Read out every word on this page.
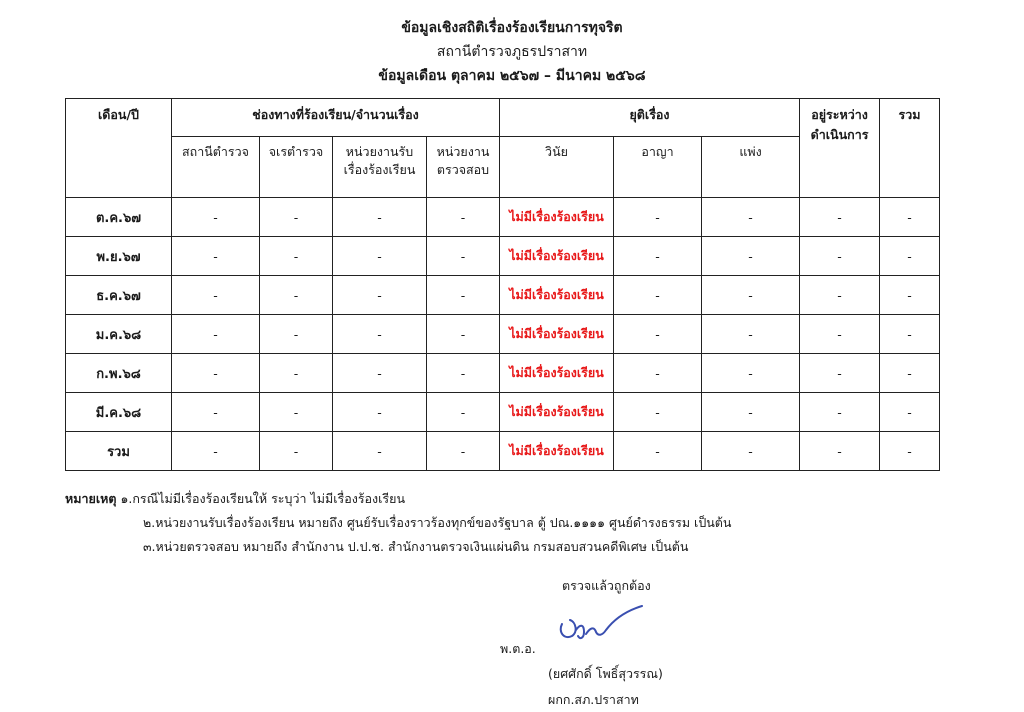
ข้อมูลเชิงสถิติเรื่องร้องเรียนการทุจริต
สถานีตำรวจภูธรปราสาท
ข้อมูลเดือน ตุลาคม ๒๕๖๗ – มีนาคม ๒๕๖๘
เดือน/ปี	ช่องทางที่ร้องเรียน/จำนวนเรื่อง				ยุติเรื่อง			อยู่ระหว่าง ดำเนินการ	รวม
	สถานีตำรวจ	จเรตำรวจ	หน่วยงานรับ เรื่องร้องเรียน	หน่วยงาน ตรวจสอบ	วินัย	อาญา	แพ่ง		
ต.ค.๖๗	-	-	-	-	ไม่มีเรื่องร้องเรียน	-	-	-	-
พ.ย.๖๗	-	-	-	-	ไม่มีเรื่องร้องเรียน	-	-	-	-
ธ.ค.๖๗	-	-	-	-	ไม่มีเรื่องร้องเรียน	-	-	-	-
ม.ค.๖๘	-	-	-	-	ไม่มีเรื่องร้องเรียน	-	-	-	-
ก.พ.๖๘	-	-	-	-	ไม่มีเรื่องร้องเรียน	-	-	-	-
มี.ค.๖๘	-	-	-	-	ไม่มีเรื่องร้องเรียน	-	-	-	-
รวม	-	-	-	-	ไม่มีเรื่องร้องเรียน	-	-	-	-
หมายเหตุ ๑.กรณีไม่มีเรื่องร้องเรียนให้ ระบุว่า ไม่มีเรื่องร้องเรียน
๒.หน่วยงานรับเรื่องร้องเรียน หมายถึง ศูนย์รับเรื่องราวร้องทุกข์ของรัฐบาล ตู้ ปณ.๑๑๑๑ ศูนย์ดำรงธรรม เป็นต้น
๓.หน่วยตรวจสอบ หมายถึง สำนักงาน ป.ป.ช. สำนักงานตรวจเงินแผ่นดิน กรมสอบสวนคดีพิเศษ เป็นต้น
ตรวจแล้วถูกต้อง
พ.ต.อ.
(ยศศักดิ์ โพธิ์สุวรรณ)
ผกก.สภ.ปราสาท
